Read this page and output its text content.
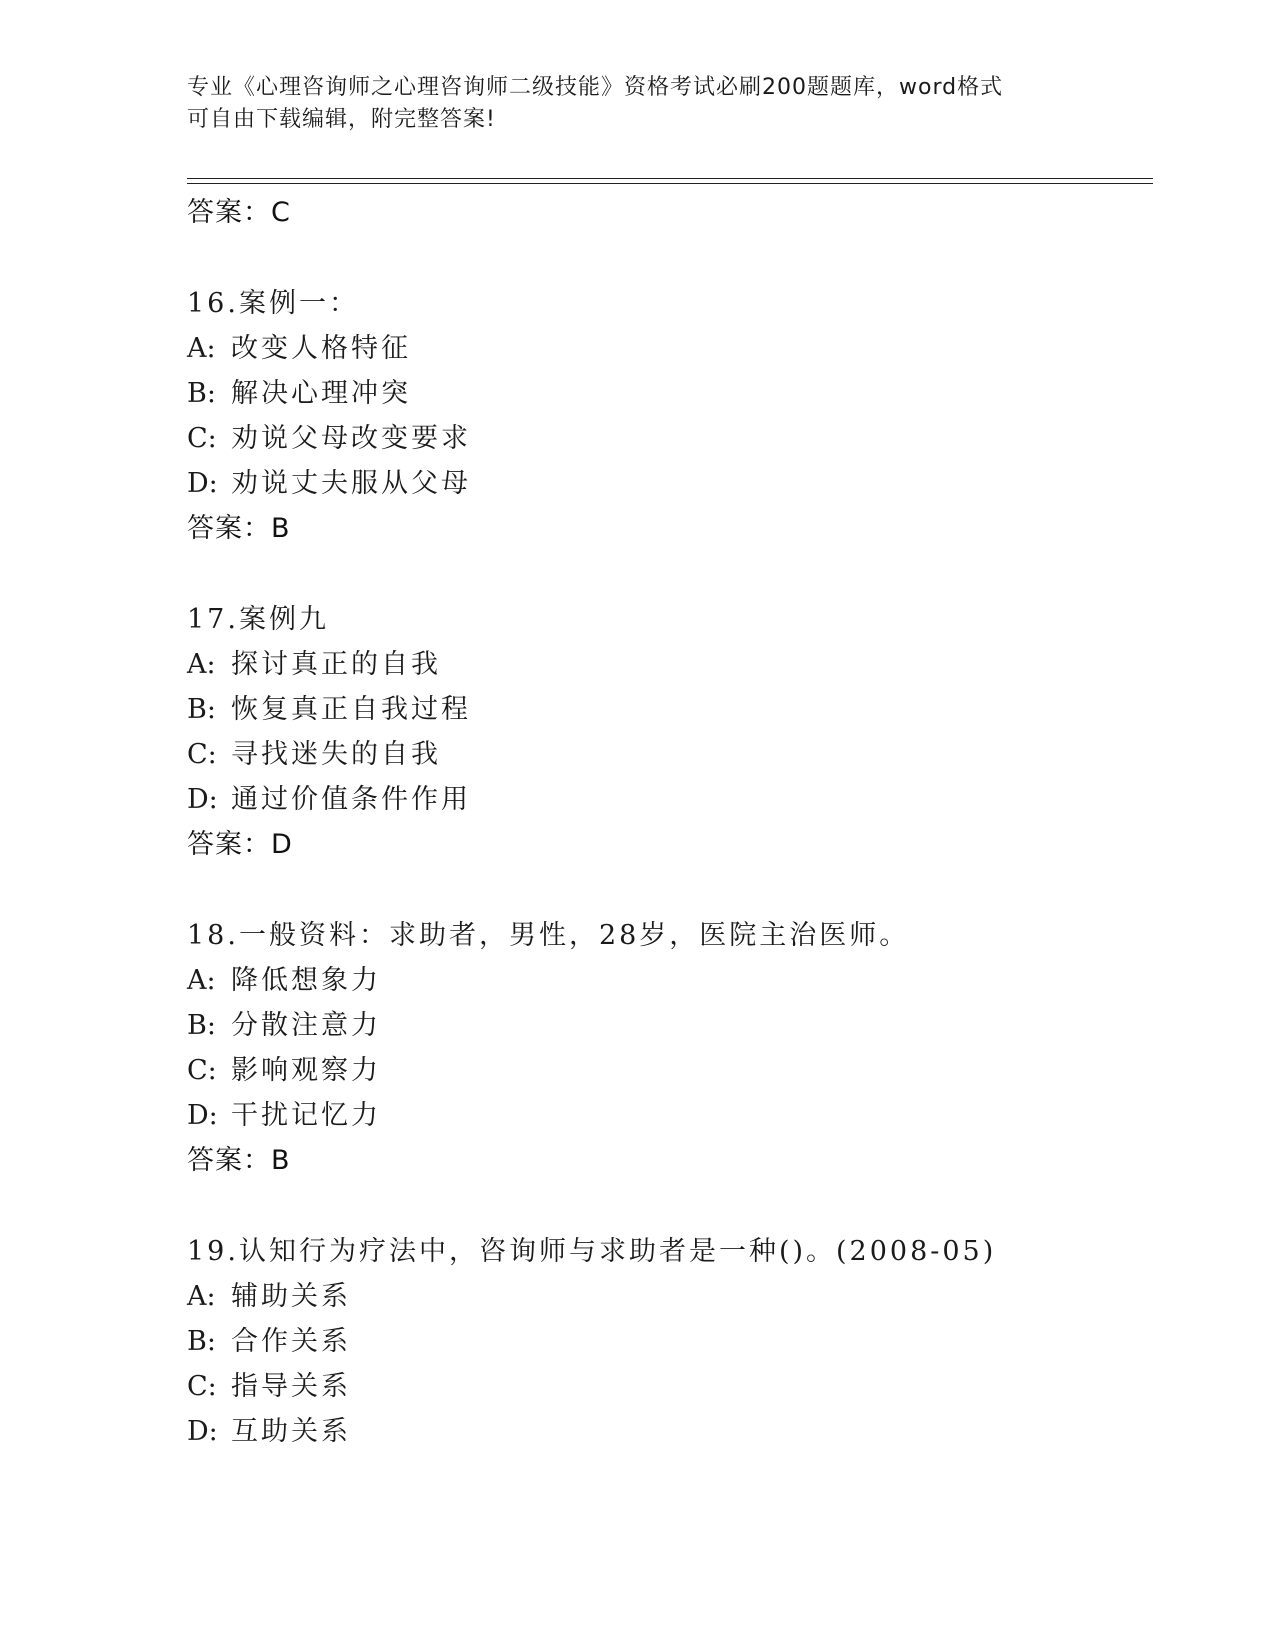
专业《心理咨询师之心理咨询师二级技能》资格考试必刷200题题库，word格式
可自由下载编辑，附完整答案!
答案：C
16.案例一：
A: 改变人格特征
B: 解决心理冲突
C: 劝说父母改变要求
D: 劝说丈夫服从父母
答案：B
17.案例九
A: 探讨真正的自我
B: 恢复真正自我过程
C: 寻找迷失的自我
D: 通过价值条件作用
答案：D
18.一般资料：求助者，男性，28岁，医院主治医师。
A: 降低想象力
B: 分散注意力
C: 影响观察力
D: 干扰记忆力
答案：B
19.认知行为疗法中，咨询师与求助者是一种()。(2008-05)
A: 辅助关系
B: 合作关系
C: 指导关系
D: 互助关系
